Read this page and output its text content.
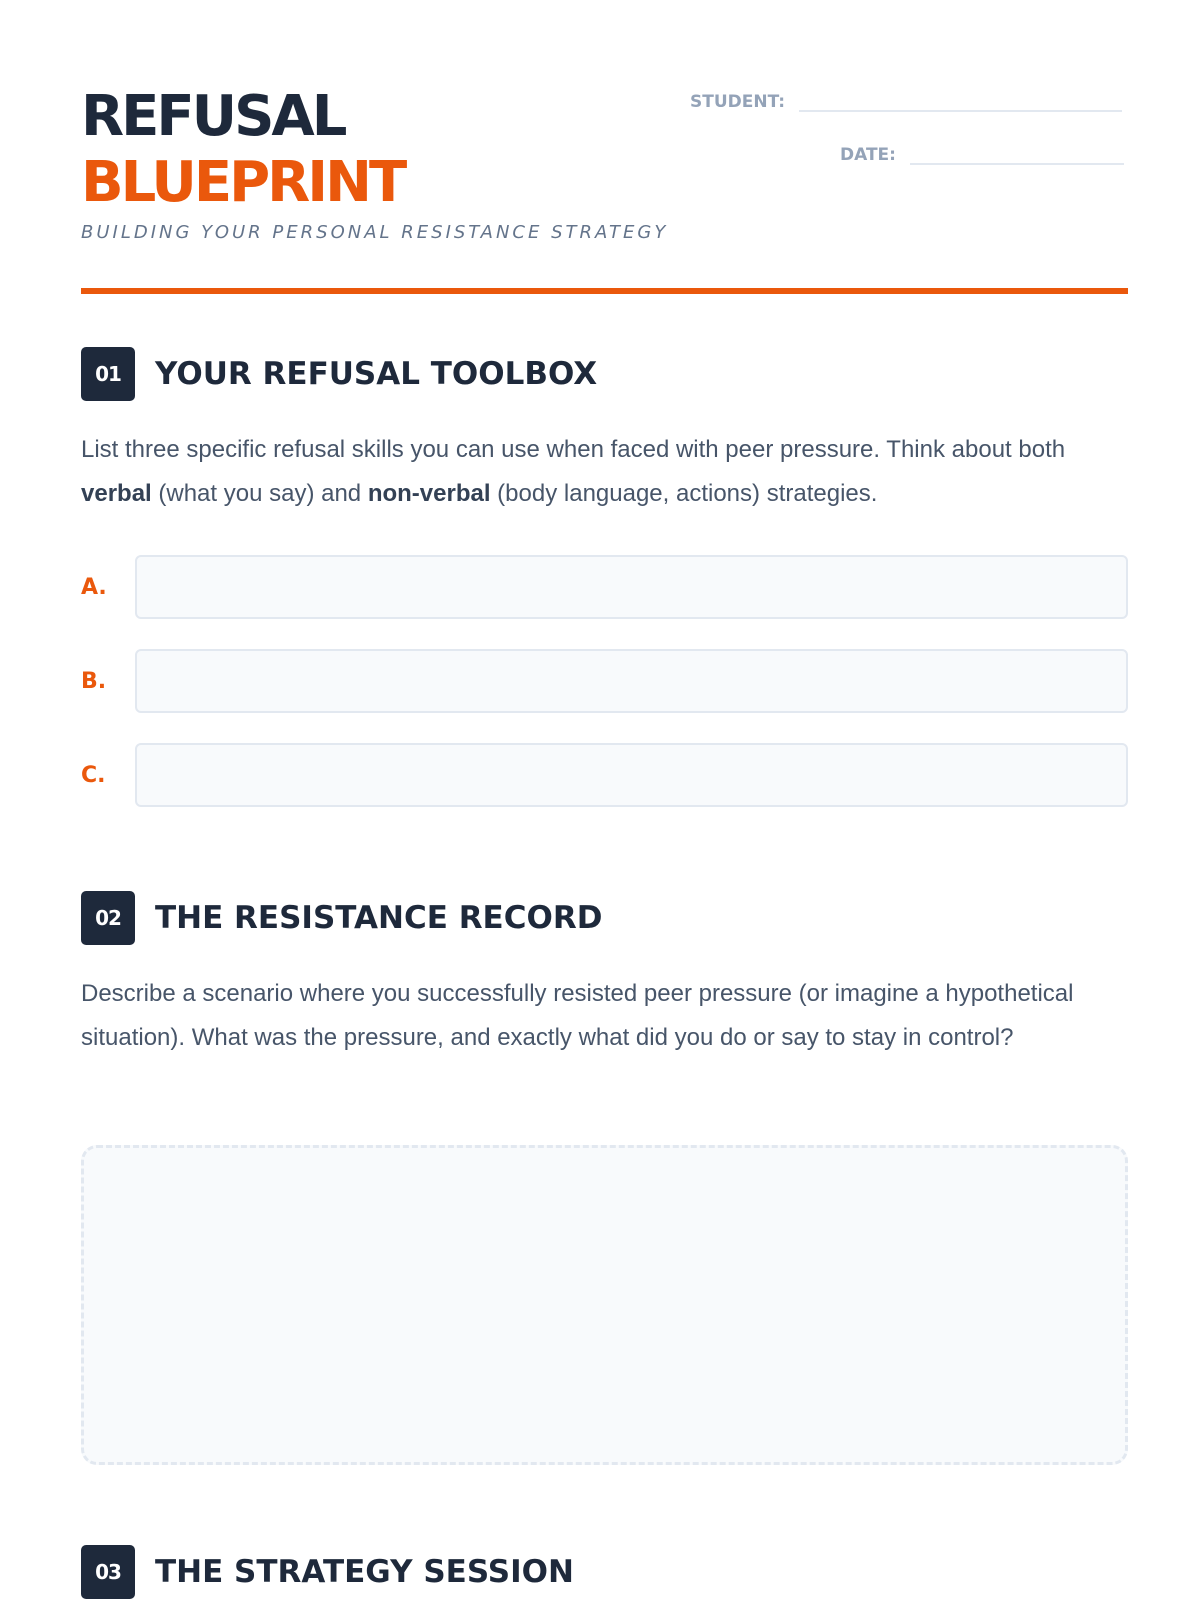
REFUSAL

BLUEPRINT

BUILDING YOUR PERSONAL RESISTANCE STRATEGY
STUDENT:
DATE:
01	YOUR REFUSAL TOOLBOX

List three specific refusal skills you can use when faced with peer pressure. Think about both verbal (what you say) and non-verbal (body language, actions) strategies.

A.
B.
C.
02	THE RESISTANCE RECORD

Describe a scenario where you successfully resisted peer pressure (or imagine a hypothetical situation). What was the pressure, and exactly what did you do or say to stay in control?

03	THE STRATEGY SESSION
